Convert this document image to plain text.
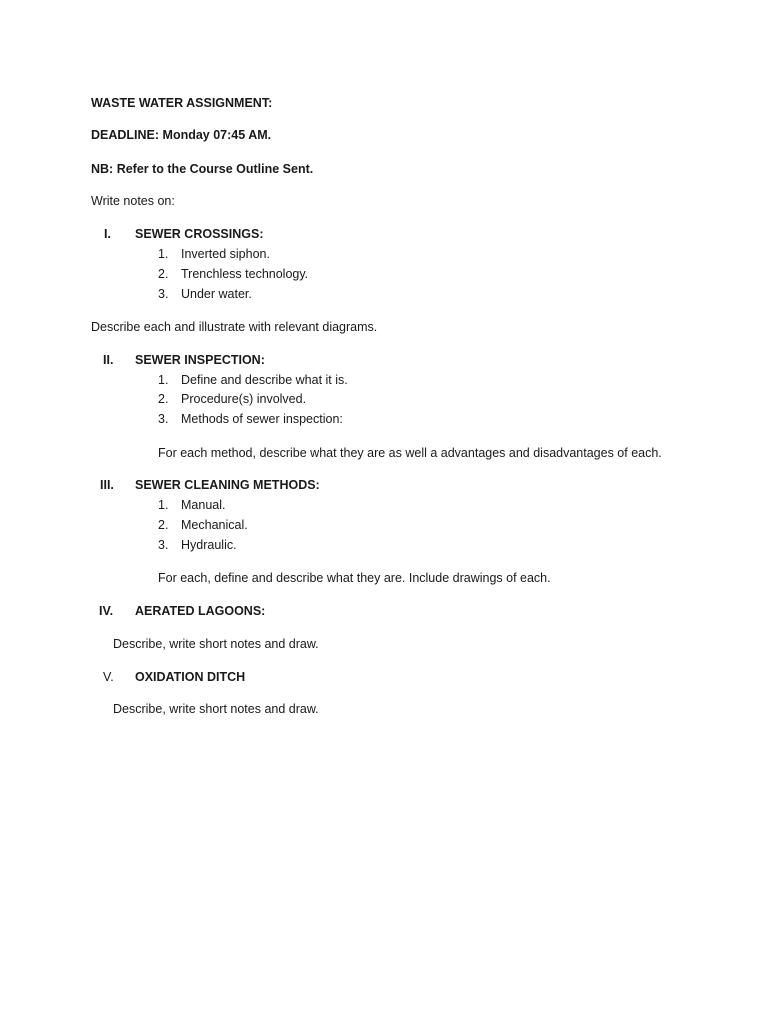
WASTE WATER ASSIGNMENT:
DEADLINE: Monday 07:45 AM.
NB: Refer to the Course Outline Sent.
Write notes on:
I. SEWER CROSSINGS:
1. Inverted siphon.
2. Trenchless technology.
3. Under water.
Describe each and illustrate with relevant diagrams.
II. SEWER INSPECTION:
1. Define and describe what it is.
2. Procedure(s) involved.
3. Methods of sewer inspection:
For each method, describe what they are as well a advantages and disadvantages of each.
III. SEWER CLEANING METHODS:
1. Manual.
2. Mechanical.
3. Hydraulic.
For each, define and describe what they are. Include drawings of each.
IV. AERATED LAGOONS:
Describe, write short notes and draw.
V. OXIDATION DITCH
Describe, write short notes and draw.
